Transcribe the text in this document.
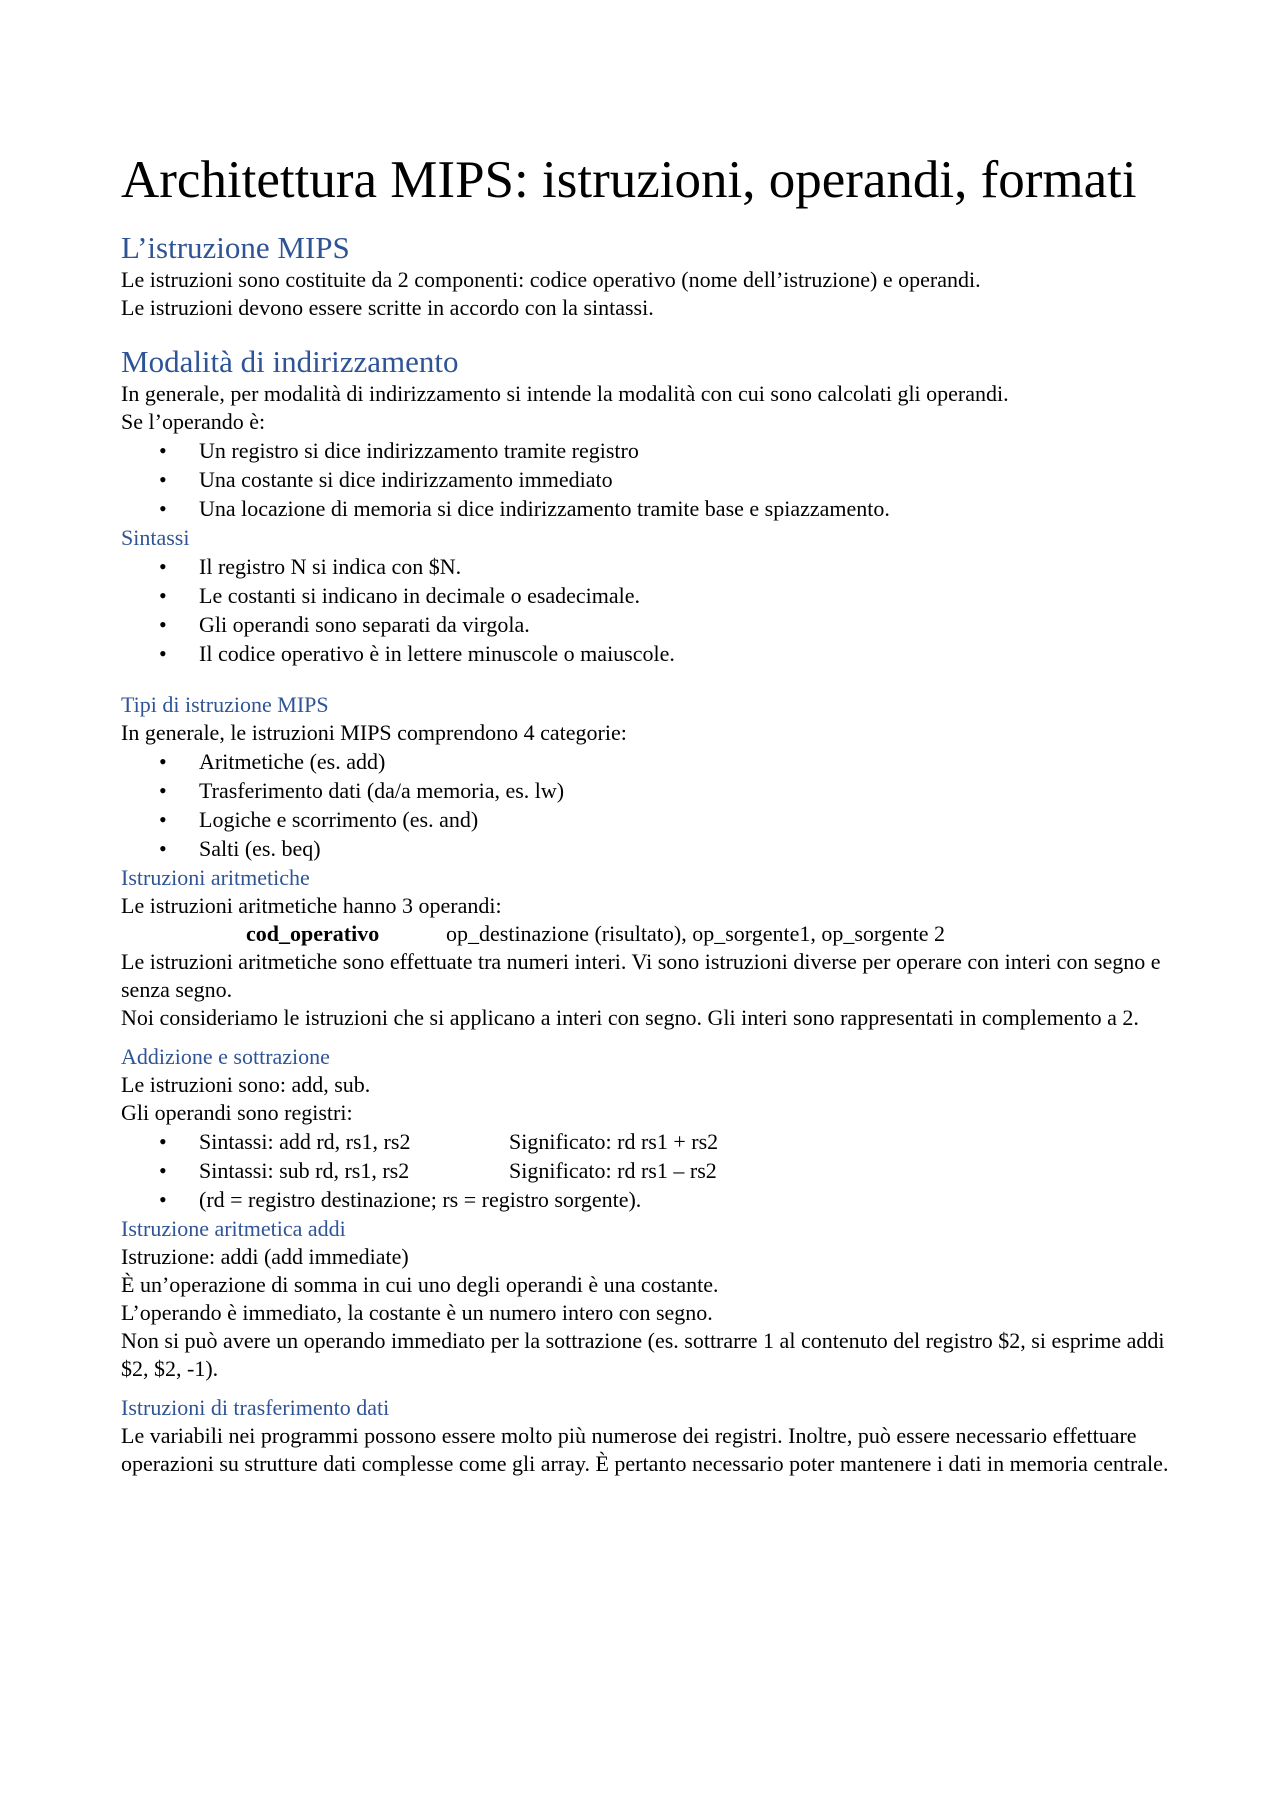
Architettura MIPS: istruzioni, operandi, formati
L’istruzione MIPS

Le istruzioni sono costituite da 2 componenti: codice operativo (nome dell’istruzione) e operandi.

Le istruzioni devono essere scritte in accordo con la sintassi.

Modalità di indirizzamento

In generale, per modalità di indirizzamento si intende la modalità con cui sono calcolati gli operandi.

Se l’operando è:

• Un registro si dice indirizzamento tramite registro
• Una costante si dice indirizzamento immediato
• Una locazione di memoria si dice indirizzamento tramite base e spiazzamento.
Sintassi
• Il registro N si indica con $N.
• Le costanti si indicano in decimale o esadecimale.
• Gli operandi sono separati da virgola.
• Il codice operativo è in lettere minuscole o maiuscole.
Tipi di istruzione MIPS

In generale, le istruzioni MIPS comprendono 4 categorie:

• Aritmetiche (es. add)
• Trasferimento dati (da/a memoria, es. lw)
• Logiche e scorrimento (es. and)
• Salti (es. beq)
Istruzioni aritmetiche

Le istruzioni aritmetiche hanno 3 operandi:

cod_operativo	op_destinazione (risultato), op_sorgente1, op_sorgente 2

Le istruzioni aritmetiche sono effettuate tra numeri interi. Vi sono istruzioni diverse per operare con interi con segno e senza segno.

Noi consideriamo le istruzioni che si applicano a interi con segno. Gli interi sono rappresentati in complemento a 2.

Addizione e sottrazione

Le istruzioni sono: add, sub.

Gli operandi sono registri:

• Sintassi: add rd, rs1, rs2	Significato: rd rs1 + rs2
• Sintassi: sub rd, rs1, rs2	Significato: rd rs1 – rs2
• (rd = registro destinazione; rs = registro sorgente).
Istruzione aritmetica addi

Istruzione: addi (add immediate)

È un’operazione di somma in cui uno degli operandi è una costante.

L’operando è immediato, la costante è un numero intero con segno.

Non si può avere un operando immediato per la sottrazione (es. sottrarre 1 al contenuto del registro $2, si esprime addi $2, $2, -1).

Istruzioni di trasferimento dati

Le variabili nei programmi possono essere molto più numerose dei registri. Inoltre, può essere necessario effettuare operazioni su strutture dati complesse come gli array. È pertanto necessario poter mantenere i dati in memoria centrale.
